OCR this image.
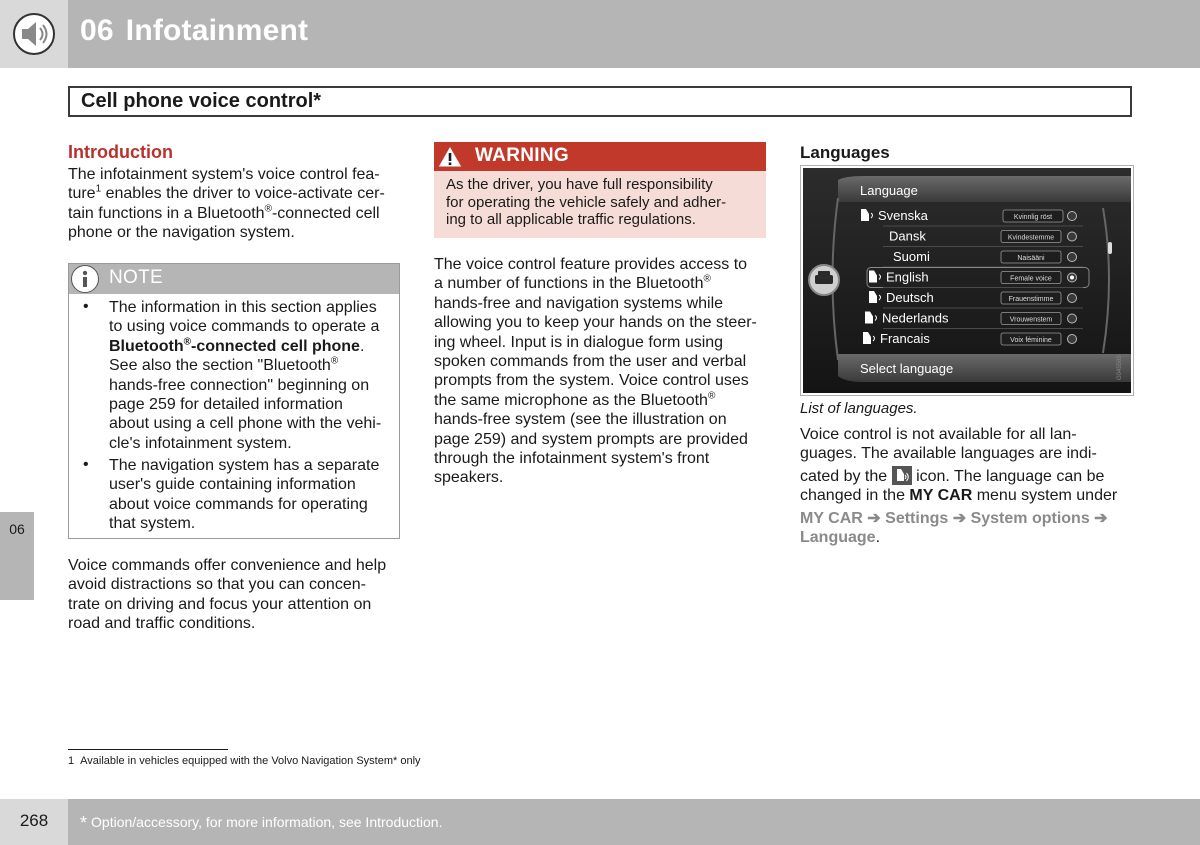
06 Infotainment
Cell phone voice control*
Introduction
The infotainment system's voice control fea-
ture$^1$ enables the driver to voice-activate cer-
tain functions in a Bluetooth®-connected cell
phone or the navigation system.
NOTE
• The information in this section applies
to using voice commands to operate a
Bluetooth®-connected cell phone.
See also the section "Bluetooth®
hands-free connection" beginning on
page 259 for detailed information
about using a cell phone with the vehi-
cle's infotainment system.
• The navigation system has a separate
user's guide containing information
about voice commands for operating
that system.
Voice commands offer convenience and help
avoid distractions so that you can concen-
trate on driving and focus your attention on
road and traffic conditions.
WARNING
As the driver, you have full responsibility
for operating the vehicle safely and adher-
ing to all applicable traffic regulations.
The voice control feature provides access to
a number of functions in the Bluetooth®
hands-free and navigation systems while
allowing you to keep your hands on the steer-
ing wheel. Input is in dialogue form using
spoken commands from the user and verbal
prompts from the system. Voice control uses
the same microphone as the Bluetooth®
hands-free system (see the illustration on
page 259) and system prompts are provided
through the infotainment system's front
speakers.
Languages
Language
Svenska	Kvinnlig röst
Dansk	Kvindestemme
Suomi	Naisääni
English	Female voice
Deutsch	Frauenstimme
Nederlands	Vrouwenstem
Francais	Voix féminine
Select language	G045585
List of languages.
Voice control is not available for all lan-
guages. The available languages are indi-
cated by the  icon. The language can be
changed in the MY CAR menu system under
MY CAR ➔ Settings ➔ System options ➔
Language.
06
1 Available in vehicles equipped with the Volvo Navigation System* only
268	* Option/accessory, for more information, see Introduction.
